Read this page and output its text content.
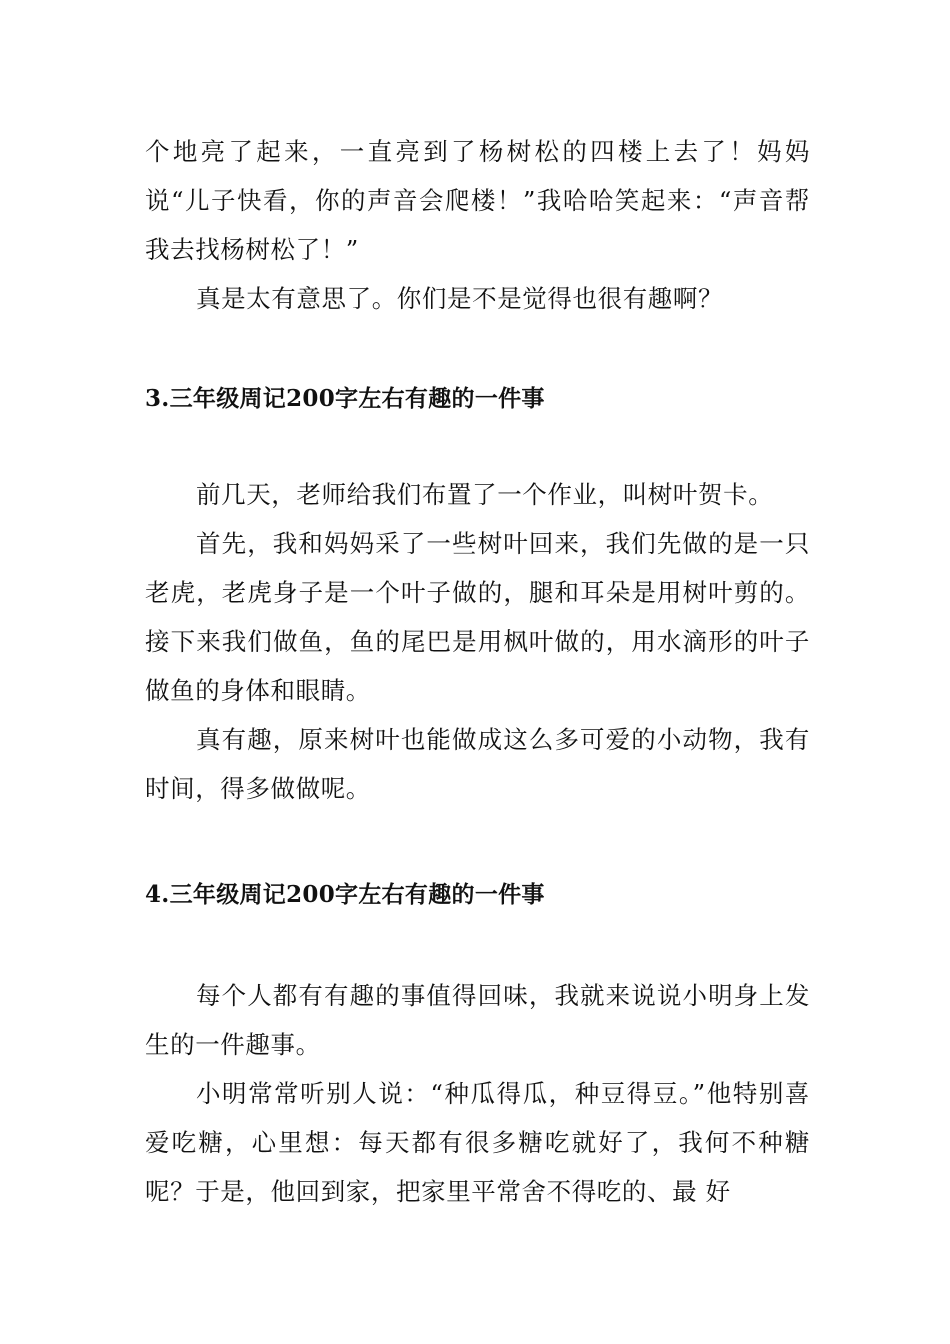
个地亮了起来，一直亮到了杨树松的四楼上去了！妈妈说“儿子快看，你的声音会爬楼！”我哈哈笑起来：“声音帮我去找杨树松了！”

真是太有意思了。你们是不是觉得也很有趣啊？

3.三年级周记200字左右有趣的一件事

前几天，老师给我们布置了一个作业，叫树叶贺卡。

首先，我和妈妈采了一些树叶回来，我们先做的是一只老虎，老虎身子是一个叶子做的，腿和耳朵是用树叶剪的。接下来我们做鱼，鱼的尾巴是用枫叶做的，用水滴形的叶子做鱼的身体和眼睛。

真有趣，原来树叶也能做成这么多可爱的小动物，我有时间，得多做做呢。

4.三年级周记200字左右有趣的一件事

每个人都有有趣的事值得回味，我就来说说小明身上发生的一件趣事。

小明常常听别人说：“种瓜得瓜，种豆得豆。”他特别喜爱吃糖，心里想：每天都有很多糖吃就好了，我何不种糖呢？于是，他回到家，把家里平常舍不得吃的、最 好
